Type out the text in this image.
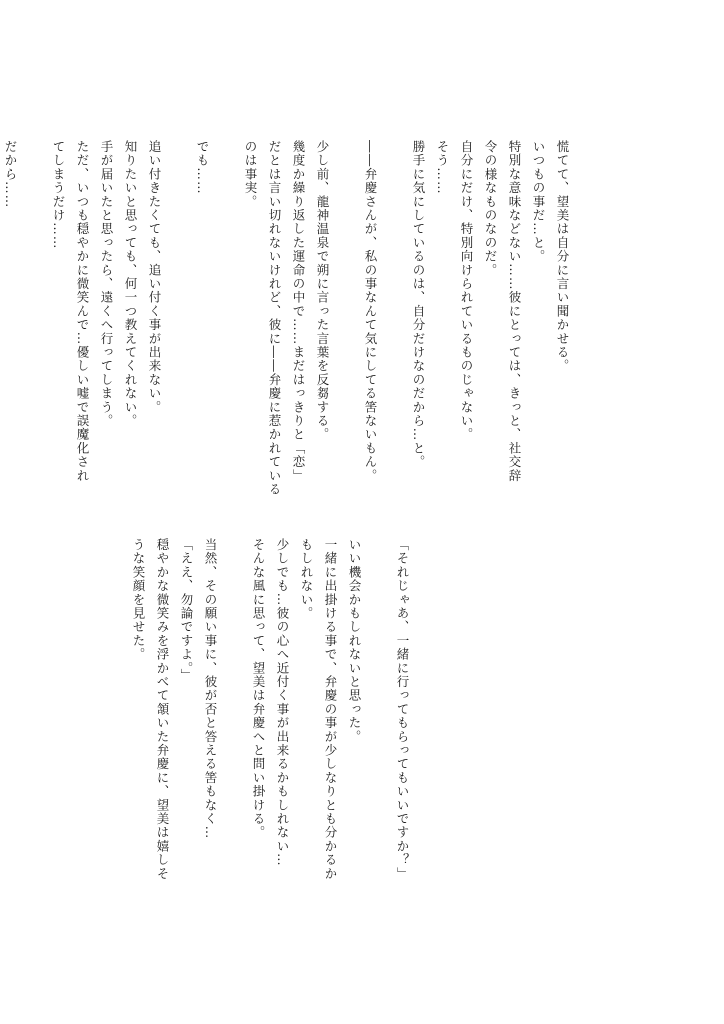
慌てて、望美は自分に言い聞かせる。
いつもの事だ…と。
特別な意味などない……彼にとっては、きっと、社交辞
令の様なものなのだ。
自分にだけ、特別向けられているものじゃない。
そう……
勝手に気にしているのは、自分だけなのだから…と。

――弁慶さんが、私の事なんて気にしてる筈ないもん。

少し前、龍神温泉で朔に言った言葉を反芻する。
幾度か繰り返した運命の中で……まだはっきりと「恋」
だとは言い切れないけれど、彼に――弁慶に惹かれている
のは事実。

でも……

追い付きたくても、追い付く事が出来ない。
知りたいと思っても、何一つ教えてくれない。
手が届いたと思ったら、遠くへ行ってしまう。
ただ、いつも穏やかに微笑んで…優しい嘘で誤魔化され
てしまうだけ……

だから……
「それじゃあ、一緒に行ってもらってもいいですか？」

いい機会かもしれないと思った。
一緒に出掛ける事で、弁慶の事が少しなりとも分かるか
もしれない。
少しでも…彼の心へ近付く事が出来るかもしれない…
そんな風に思って、望美は弁慶へと問い掛ける。

当然、その願い事に、彼が否と答える筈もなく…
「ええ、勿論ですよ。」
穏やかな微笑みを浮かべて頷いた弁慶に、望美は嬉しそ
うな笑顔を見せた。
